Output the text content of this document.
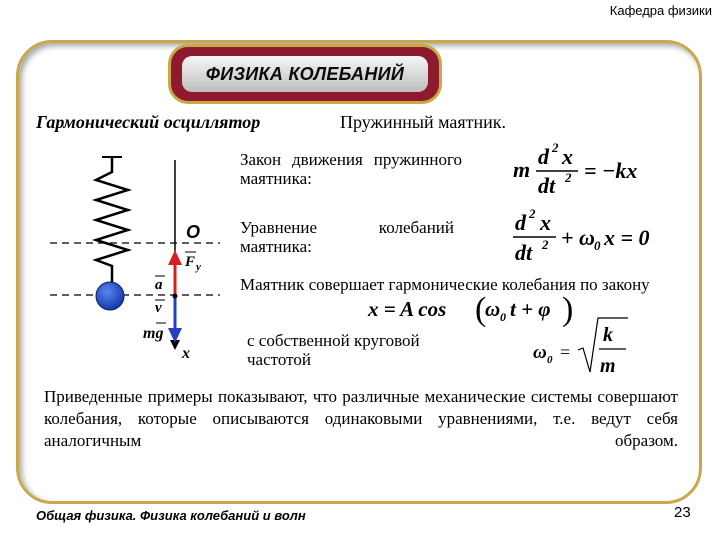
Кафедра физики
ФИЗИКА КОЛЕБАНИЙ
Гармонический осциллятор	Пружинный маятник.
O
F y
a
v
mg
x
m
d 2 x
dt 2 = −kx
d 2 x
dt 2 + ω 0 x = 0
x = A cos (
ω 0 t + φ )
ω 0 =
k
m
Закон движения пружинного маятника:
Уравнение колебаний маятника:
Маятник совершает гармонические колебания по закону
с собственной круговой частотой
Приведенные примеры показывают, что различные механические системы совершают колебания, которые описываются одинаковыми уравнениями, т.е. ведут себя аналогичным образом.
Общая физика. Физика колебаний и волн	23
